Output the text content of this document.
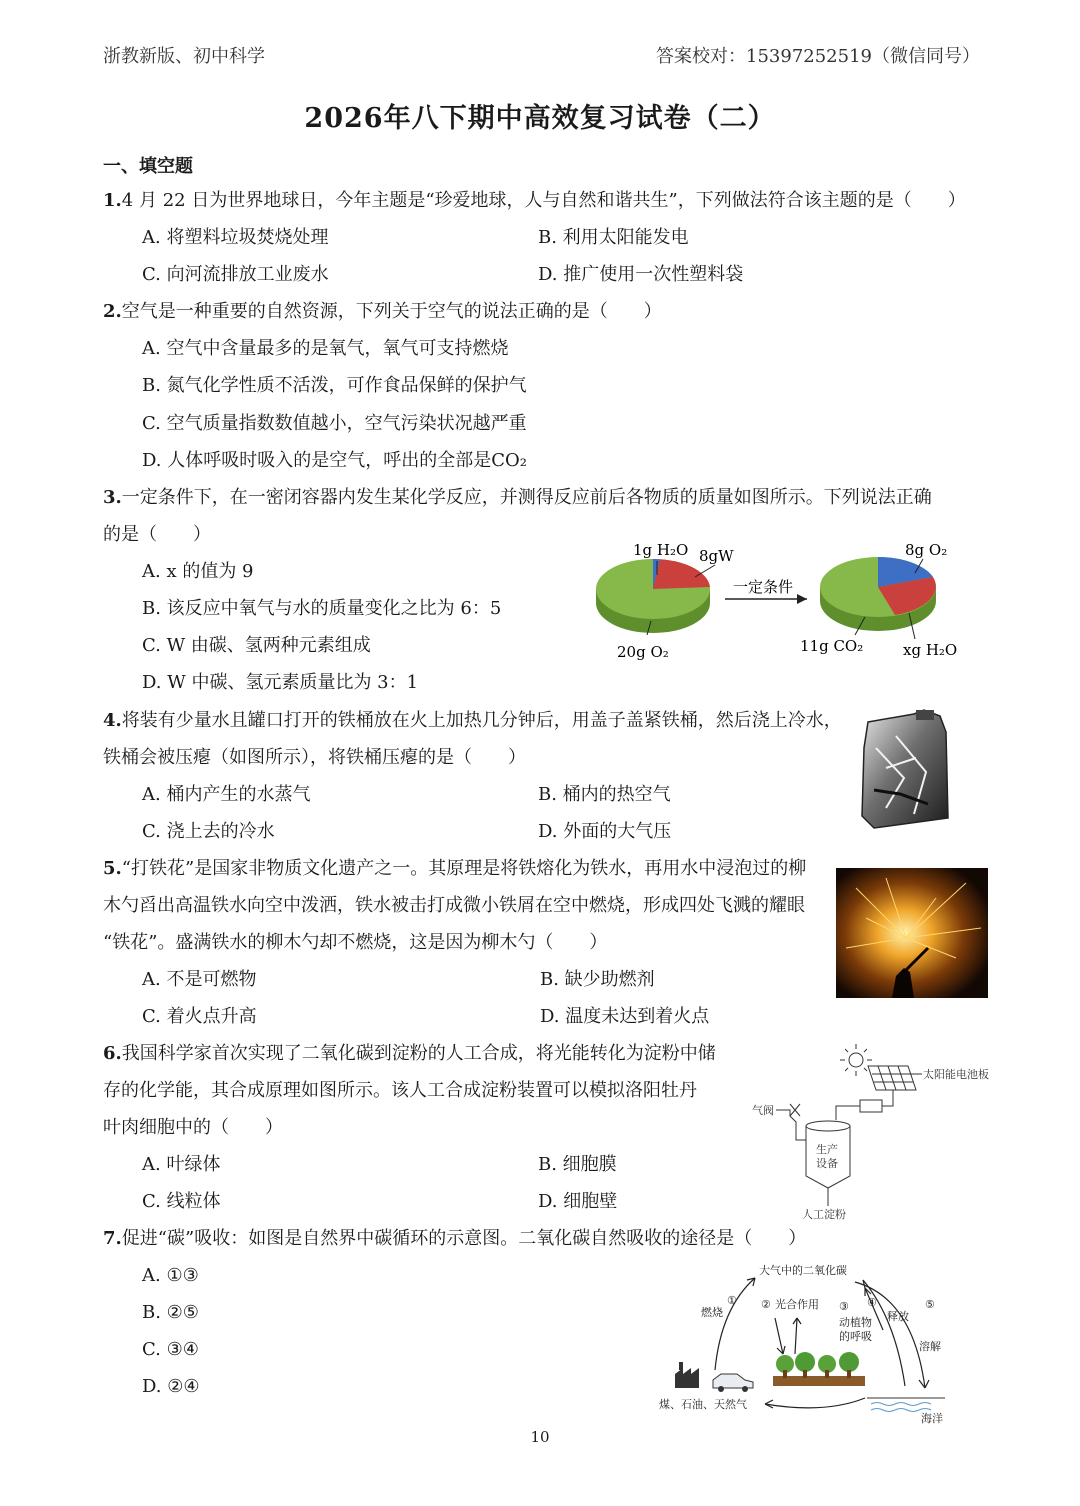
浙教新版、初中科学	答案校对：15397252519（微信同号）
2026年八下期中高效复习试卷（二）
一、填空题
1.4 月 22 日为世界地球日，今年主题是“珍爱地球，人与自然和谐共生”，下列做法符合该主题的是（　　）
A. 将塑料垃圾焚烧处理	B. 利用太阳能发电
C. 向河流排放工业废水	D. 推广使用一次性塑料袋
2.空气是一种重要的自然资源，下列关于空气的说法正确的是（　　）
A. 空气中含量最多的是氧气，氧气可支持燃烧
B. 氮气化学性质不活泼，可作食品保鲜的保护气
C. 空气质量指数数值越小，空气污染状况越严重
D. 人体呼吸时吸入的是空气，呼出的全部是CO₂
3.一定条件下，在一密闭容器内发生某化学反应，并测得反应前后各物质的质量如图所示。下列说法正确
的是（　　）
A. x 的值为 9
B. 该反应中氧气与水的质量变化之比为 6：5
C. W 由碳、氢两种元素组成
D. W 中碳、氢元素质量比为 3：1
1g H₂O 8gW
20g O₂
一定条件
8g O₂
11g CO₂	xg H₂O
4.将装有少量水且罐口打开的铁桶放在火上加热几分钟后，用盖子盖紧铁桶，然后浇上冷水，
铁桶会被压瘪（如图所示），将铁桶压瘪的是（　　）
A. 桶内产生的水蒸气	B. 桶内的热空气
C. 浇上去的冷水	D. 外面的大气压
5.“打铁花”是国家非物质文化遗产之一。其原理是将铁熔化为铁水，再用水中浸泡过的柳
木勺舀出高温铁水向空中泼洒，铁水被击打成微小铁屑在空中燃烧，形成四处飞溅的耀眼
“铁花”。盛满铁水的柳木勺却不燃烧，这是因为柳木勺（　　）
A. 不是可燃物	B. 缺少助燃剂
C. 着火点升高	D. 温度未达到着火点
6.我国科学家首次实现了二氧化碳到淀粉的人工合成，将光能转化为淀粉中储
存的化学能，其合成原理如图所示。该人工合成淀粉装置可以模拟洛阳牡丹
叶肉细胞中的（　　）
A. 叶绿体	B. 细胞膜
C. 线粒体	D. 细胞壁
太阳能电池板
气阀
生产
设备
人工淀粉
7.促进“碳”吸收：如图是自然界中碳循环的示意图。二氧化碳自然吸收的途径是（　　）
A. ①③
B. ②⑤
C. ③④
D. ②④
大气中的二氧化碳
①
燃烧
② 光合作用 ③
动植物
的呼吸
④
释放
⑤
溶解
煤、石油、天然气
海洋
10
